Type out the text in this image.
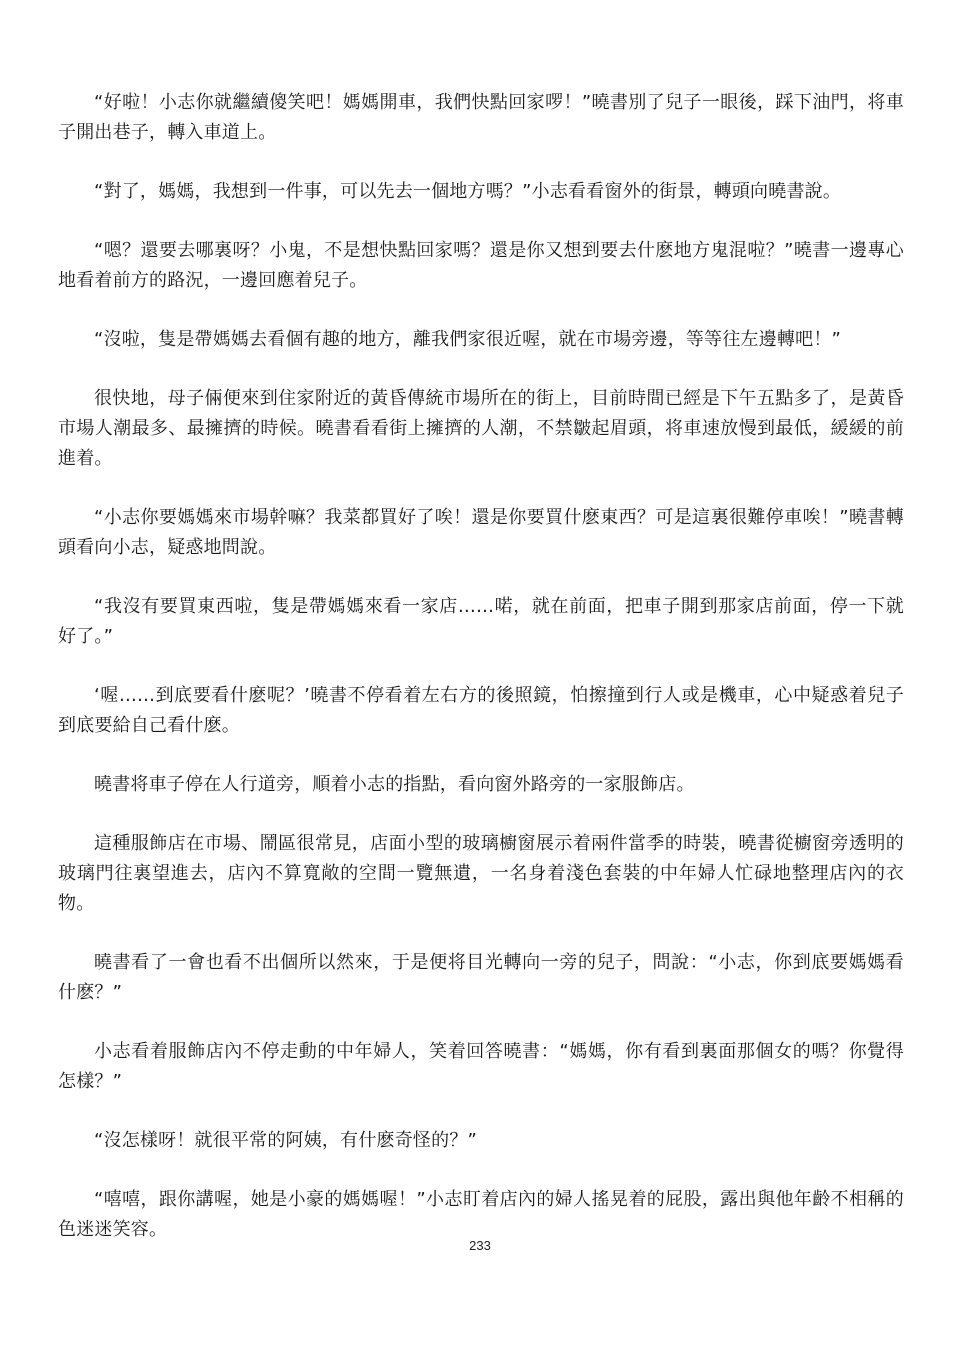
“好啦！小志你就繼續傻笑吧！媽媽開車，我們快點回家啰！”曉書別了兒子一眼後，踩下油門，将車子開出巷子，轉入車道上。

“對了，媽媽，我想到一件事，可以先去一個地方嗎？”小志看看窗外的街景，轉頭向曉書說。

“嗯？還要去哪裏呀？小鬼，不是想快點回家嗎？還是你又想到要去什麽地方鬼混啦？”曉書一邊專心地看着前方的路況，一邊回應着兒子。

“沒啦，隻是帶媽媽去看個有趣的地方，離我們家很近喔，就在市場旁邊，等等往左邊轉吧！”

很快地，母子倆便來到住家附近的黃昏傳統市場所在的街上，目前時間已經是下午五點多了，是黃昏市場人潮最多、最擁擠的時候。曉書看看街上擁擠的人潮，不禁皺起眉頭，将車速放慢到最低，緩緩的前進着。

“小志你要媽媽來市場幹嘛？我菜都買好了唉！還是你要買什麽東西？可是這裏很難停車唉！”曉書轉頭看向小志，疑惑地問說。

“我沒有要買東西啦，隻是帶媽媽來看一家店……喏，就在前面，把車子開到那家店前面，停一下就好了。”

‘喔……到底要看什麽呢？’曉書不停看着左右方的後照鏡，怕擦撞到行人或是機車，心中疑惑着兒子到底要給自己看什麽。

曉書将車子停在人行道旁，順着小志的指點，看向窗外路旁的一家服飾店。

這種服飾店在市場、鬧區很常見，店面小型的玻璃櫥窗展示着兩件當季的時裝，曉書從櫥窗旁透明的玻璃門往裏望進去，店內不算寬敞的空間一覽無遺，一名身着淺色套裝的中年婦人忙碌地整理店內的衣物。

曉書看了一會也看不出個所以然來，于是便将目光轉向一旁的兒子，問說：“小志，你到底要媽媽看什麽？”

小志看着服飾店內不停走動的中年婦人，笑着回答曉書：“媽媽，你有看到裏面那個女的嗎？你覺得怎樣？”

“沒怎樣呀！就很平常的阿姨，有什麽奇怪的？”

“嘻嘻，跟你講喔，她是小豪的媽媽喔！”小志盯着店內的婦人搖晃着的屁股，露出與他年齡不相稱的色迷迷笑容。

233
